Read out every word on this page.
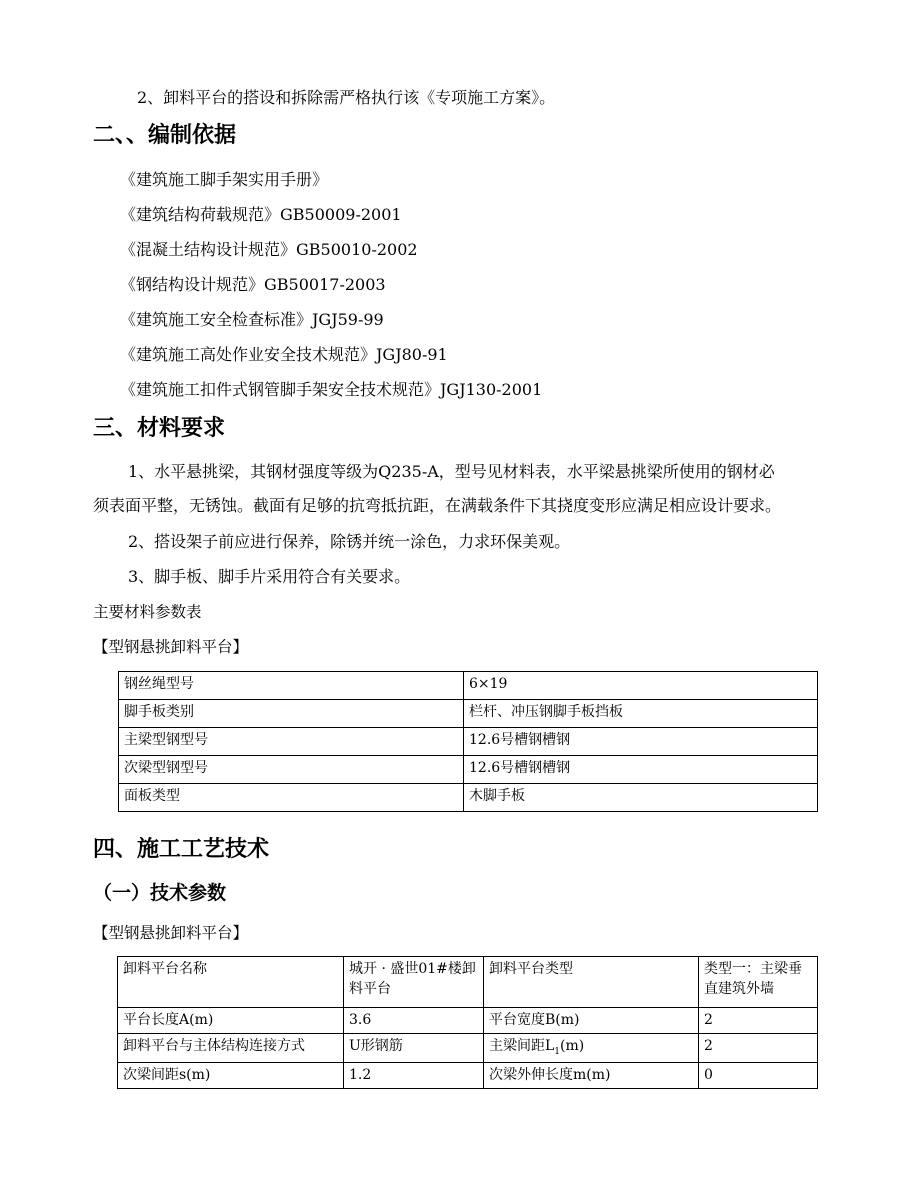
2、卸料平台的搭设和拆除需严格执行该《专项施工方案》。
二、、编制依据
《建筑施工脚手架实用手册》
《建筑结构荷载规范》GB50009-2001
《混凝土结构设计规范》GB50010-2002
《钢结构设计规范》GB50017-2003
《建筑施工安全检查标准》JGJ59-99
《建筑施工高处作业安全技术规范》JGJ80-91
《建筑施工扣件式钢管脚手架安全技术规范》JGJ130-2001
三、材料要求
1、水平悬挑梁，其钢材强度等级为Q235-A，型号见材料表，水平梁悬挑梁所使用的钢材必
须表面平整，无锈蚀。截面有足够的抗弯抵抗距，在满载条件下其挠度变形应满足相应设计要求。
2、搭设架子前应进行保养，除锈并统一涂色，力求环保美观。
3、脚手板、脚手片采用符合有关要求。
主要材料参数表
【型钢悬挑卸料平台】
钢丝绳型号	6×19
脚手板类别	栏杆、冲压钢脚手板挡板
主梁型钢型号	12.6号槽钢槽钢
次梁型钢型号	12.6号槽钢槽钢
面板类型	木脚手板
四、施工工艺技术
（一）技术参数
【型钢悬挑卸料平台】
卸料平台名称	城开 · 盛世01#楼卸料平台	卸料平台类型	类型一：主梁垂直建筑外墙
平台长度A(m)	3.6	平台宽度B(m)	2
卸料平台与主体结构连接方式	U形钢筋	主梁间距$L_1(m)$	2
次梁间距s(m)	1.2	次梁外伸长度m(m)	0
